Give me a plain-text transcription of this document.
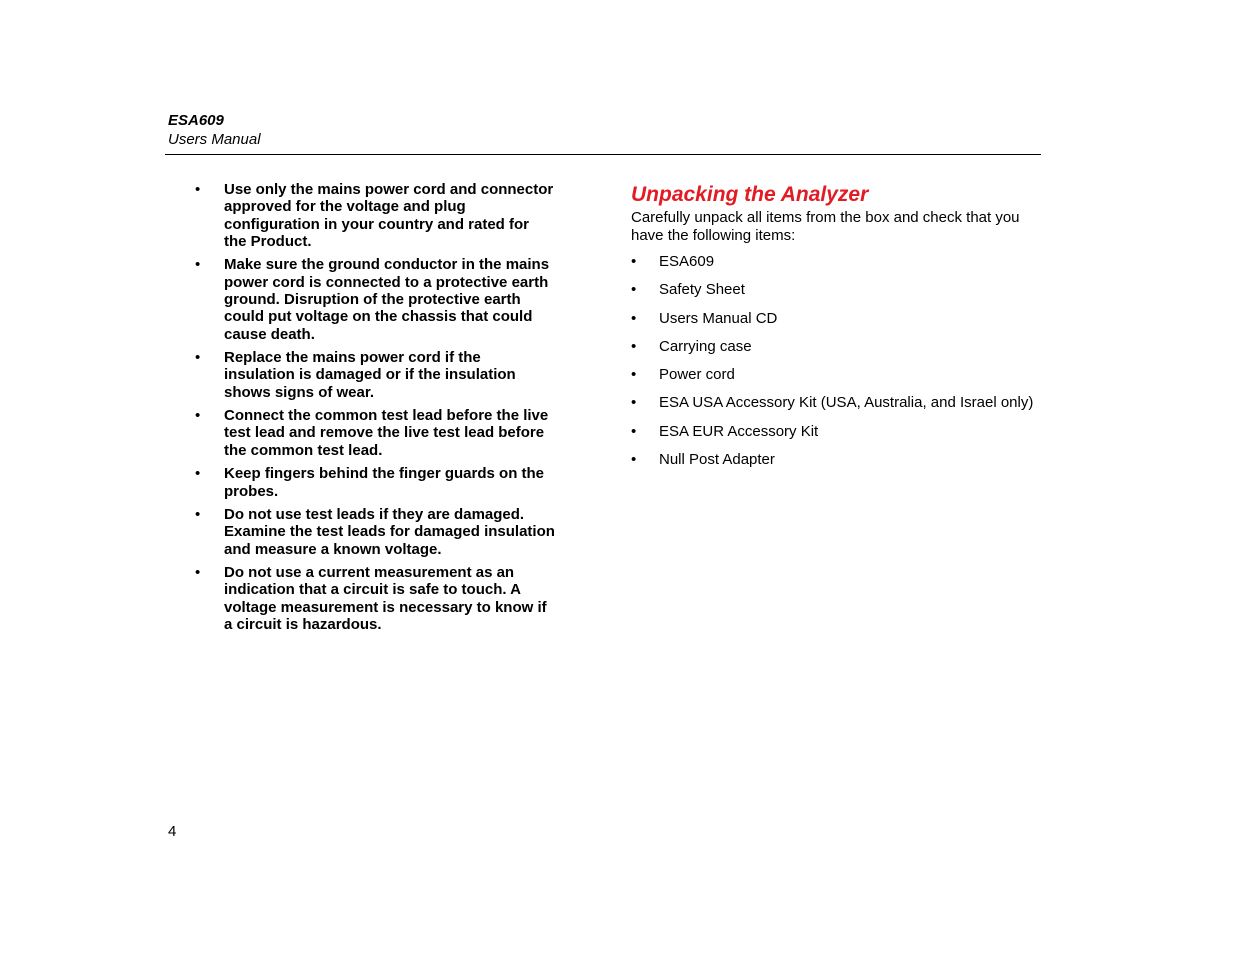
ESA609
Users Manual
• Use only the mains power cord and connector approved for the voltage and plug configuration in your country and rated for the Product.
• Make sure the ground conductor in the mains power cord is connected to a protective earth ground. Disruption of the protective earth could put voltage on the chassis that could cause death.
• Replace the mains power cord if the insulation is damaged or if the insulation shows signs of wear.
• Connect the common test lead before the live test lead and remove the live test lead before the common test lead.
• Keep fingers behind the finger guards on the probes.
• Do not use test leads if they are damaged. Examine the test leads for damaged insulation and measure a known voltage.
• Do not use a current measurement as an indication that a circuit is safe to touch. A voltage measurement is necessary to know if a circuit is hazardous.
Unpacking the Analyzer

Carefully unpack all items from the box and check that you have the following items:

• ESA609
• Safety Sheet
• Users Manual CD
• Carrying case
• Power cord
• ESA USA Accessory Kit (USA, Australia, and Israel only)
• ESA EUR Accessory Kit
• Null Post Adapter
4
